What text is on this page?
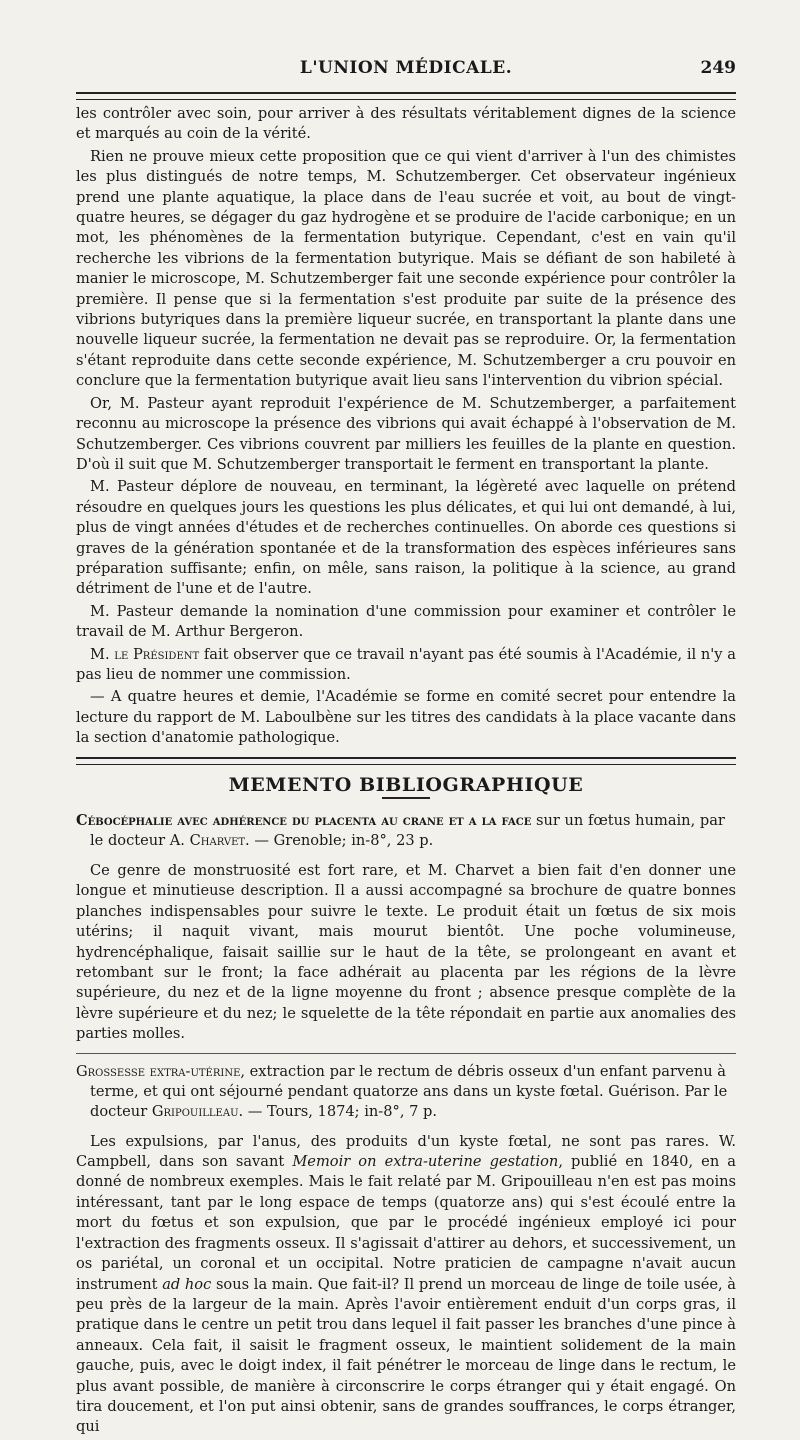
L'UNION MÉDICALE.	249

les contrôler avec soin, pour arriver à des résultats véritablement dignes de la science et marqués au coin de la vérité.

Rien ne prouve mieux cette proposition que ce qui vient d'arriver à l'un des chimistes les plus distingués de notre temps, M. Schutzemberger. Cet observateur ingénieux prend une plante aquatique, la place dans de l'eau sucrée et voit, au bout de vingt-quatre heures, se dégager du gaz hydrogène et se produire de l'acide carbonique; en un mot, les phénomènes de la fermentation butyrique. Cependant, c'est en vain qu'il recherche les vibrions de la fermentation butyrique. Mais se défiant de son habileté à manier le microscope, M. Schutzemberger fait une seconde expérience pour contrôler la première. Il pense que si la fermentation s'est produite par suite de la présence des vibrions butyriques dans la première liqueur sucrée, en transportant la plante dans une nouvelle liqueur sucrée, la fermentation ne devait pas se reproduire. Or, la fermentation s'étant reproduite dans cette seconde expérience, M. Schutzemberger a cru pouvoir en conclure que la fermentation butyrique avait lieu sans l'intervention du vibrion spécial.

Or, M. Pasteur ayant reproduit l'expérience de M. Schutzemberger, a parfaitement reconnu au microscope la présence des vibrions qui avait échappé à l'observation de M. Schutzemberger. Ces vibrions couvrent par milliers les feuilles de la plante en question. D'où il suit que M. Schutzemberger transportait le ferment en transportant la plante.

M. Pasteur déplore de nouveau, en terminant, la légèreté avec laquelle on prétend résoudre en quelques jours les questions les plus délicates, et qui lui ont demandé, à lui, plus de vingt années d'études et de recherches continuelles. On aborde ces questions si graves de la génération spontanée et de la transformation des espèces inférieures sans préparation suffisante; enfin, on mêle, sans raison, la politique à la science, au grand détriment de l'une et de l'autre.

M. Pasteur demande la nomination d'une commission pour examiner et contrôler le travail de M. Arthur Bergeron.

M. le Président fait observer que ce travail n'ayant pas été soumis à l'Académie, il n'y a pas lieu de nommer une commission.

— A quatre heures et demie, l'Académie se forme en comité secret pour entendre la lecture du rapport de M. Laboulbène sur les titres des candidats à la place vacante dans la section d'anatomie pathologique.

MEMENTO BIBLIOGRAPHIQUE
Cébocéphalie avec adhérence du placenta au crane et a la face sur un fœtus humain, par le docteur A. Charvet. — Grenoble; in-8°, 23 p.

Ce genre de monstruosité est fort rare, et M. Charvet a bien fait d'en donner une longue et minutieuse description. Il a aussi accompagné sa brochure de quatre bonnes planches indispensables pour suivre le texte. Le produit était un fœtus de six mois utérins; il naquit vivant, mais mourut bientôt. Une poche volumineuse, hydrencéphalique, faisait saillie sur le haut de la tête, se prolongeant en avant et retombant sur le front; la face adhérait au placenta par les régions de la lèvre supérieure, du nez et de la ligne moyenne du front ; absence presque complète de la lèvre supérieure et du nez; le squelette de la tête répondait en partie aux anomalies des parties molles.

Grossesse extra-utérine, extraction par le rectum de débris osseux d'un enfant parvenu à terme, et qui ont séjourné pendant quatorze ans dans un kyste fœtal. Guérison. Par le docteur Gripouilleau. — Tours, 1874; in-8°, 7 p.

Les expulsions, par l'anus, des produits d'un kyste fœtal, ne sont pas rares. W. Campbell, dans son savant Memoir on extra-uterine gestation, publié en 1840, en a donné de nombreux exemples. Mais le fait relaté par M. Gripouilleau n'en est pas moins intéressant, tant par le long espace de temps (quatorze ans) qui s'est écoulé entre la mort du fœtus et son expulsion, que par le procédé ingénieux employé ici pour l'extraction des fragments osseux. Il s'agissait d'attirer au dehors, et successivement, un os pariétal, un coronal et un occipital. Notre praticien de campagne n'avait aucun instrument ad hoc sous la main. Que fait-il? Il prend un morceau de linge de toile usée, à peu près de la largeur de la main. Après l'avoir entièrement enduit d'un corps gras, il pratique dans le centre un petit trou dans lequel il fait passer les branches d'une pince à anneaux. Cela fait, il saisit le fragment osseux, le maintient solidement de la main gauche, puis, avec le doigt index, il fait pénétrer le morceau de linge dans le rectum, le plus avant possible, de manière à circonscrire le corps étranger qui y était engagé. On tira doucement, et l'on put ainsi obtenir, sans de grandes souffrances, le corps étranger, qui
